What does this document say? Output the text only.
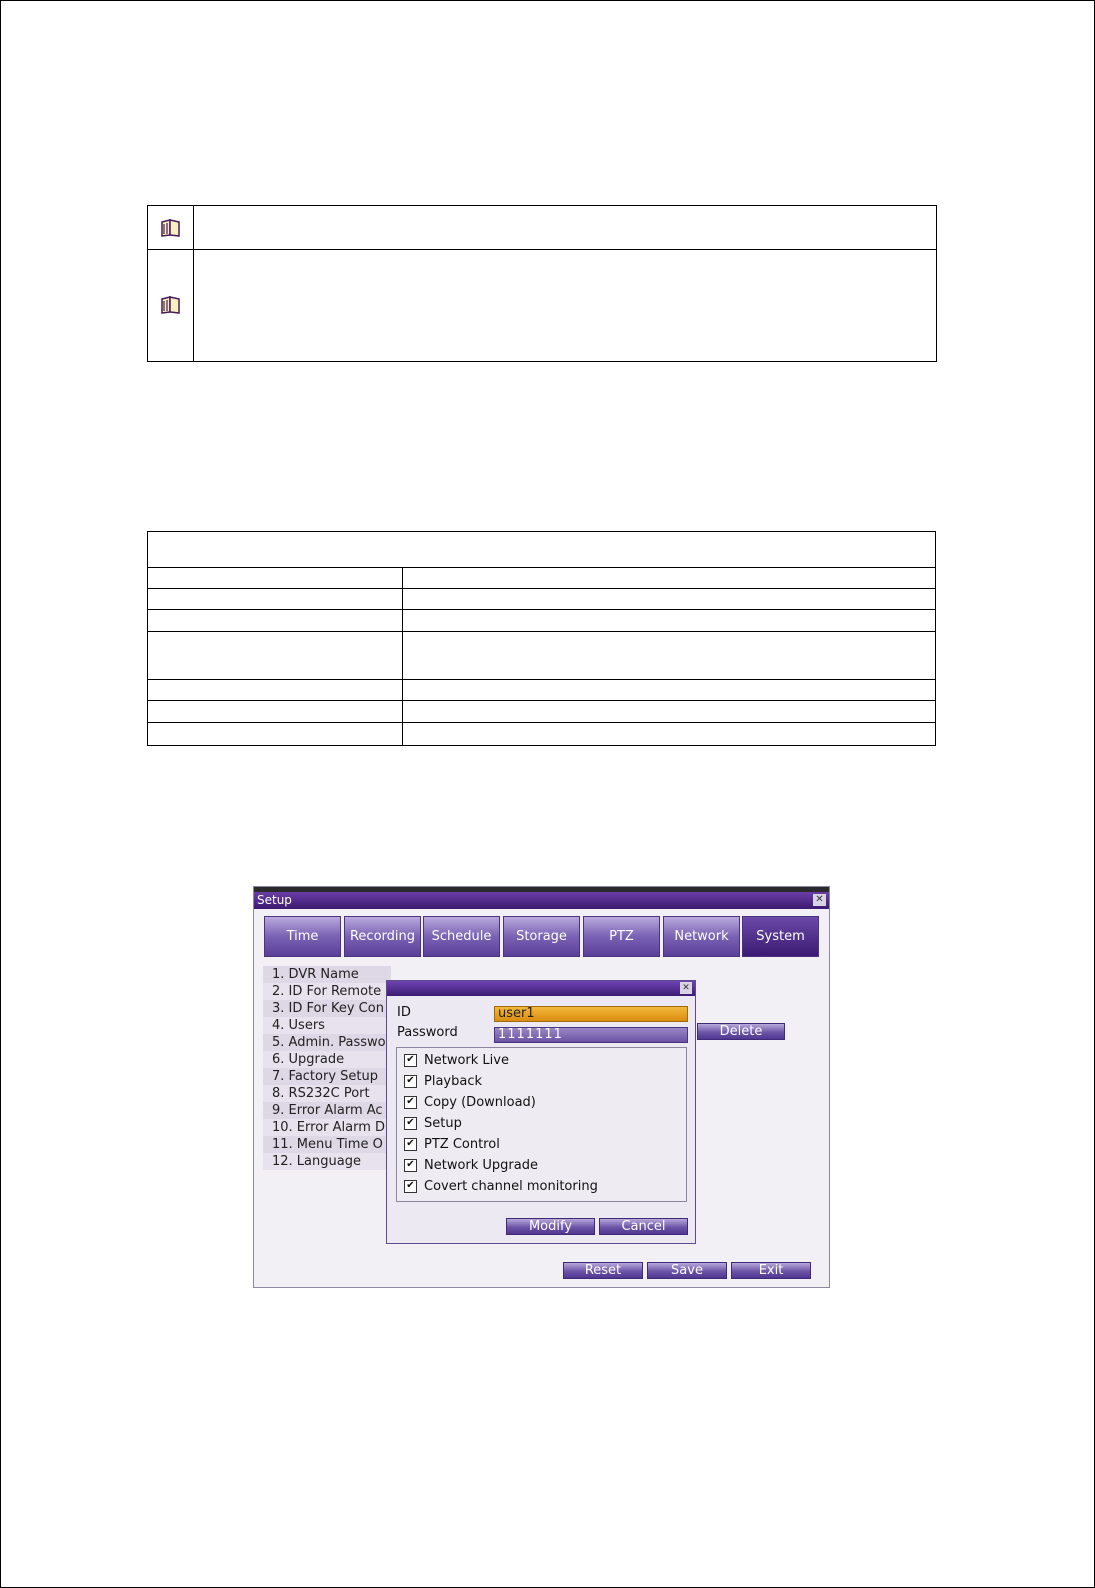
Setup	✕
Time	Recording	Schedule	Storage	PTZ	Network	System
1. DVR Name
2. ID For Remote
3. ID For Key Con
4. Users
5. Admin. Passwo
6. Upgrade
7. Factory Setup
8. RS232C Port
9. Error Alarm Ac
10. Error Alarm D
11. Menu Time O
12. Language
Delete
✕
ID	user1
Password	1111111
✔ Network Live
✔ Playback
✔ Copy (Download)
✔ Setup
✔ PTZ Control
✔ Network Upgrade
✔ Covert channel monitoring
Modify	Cancel
Reset	Save	Exit
